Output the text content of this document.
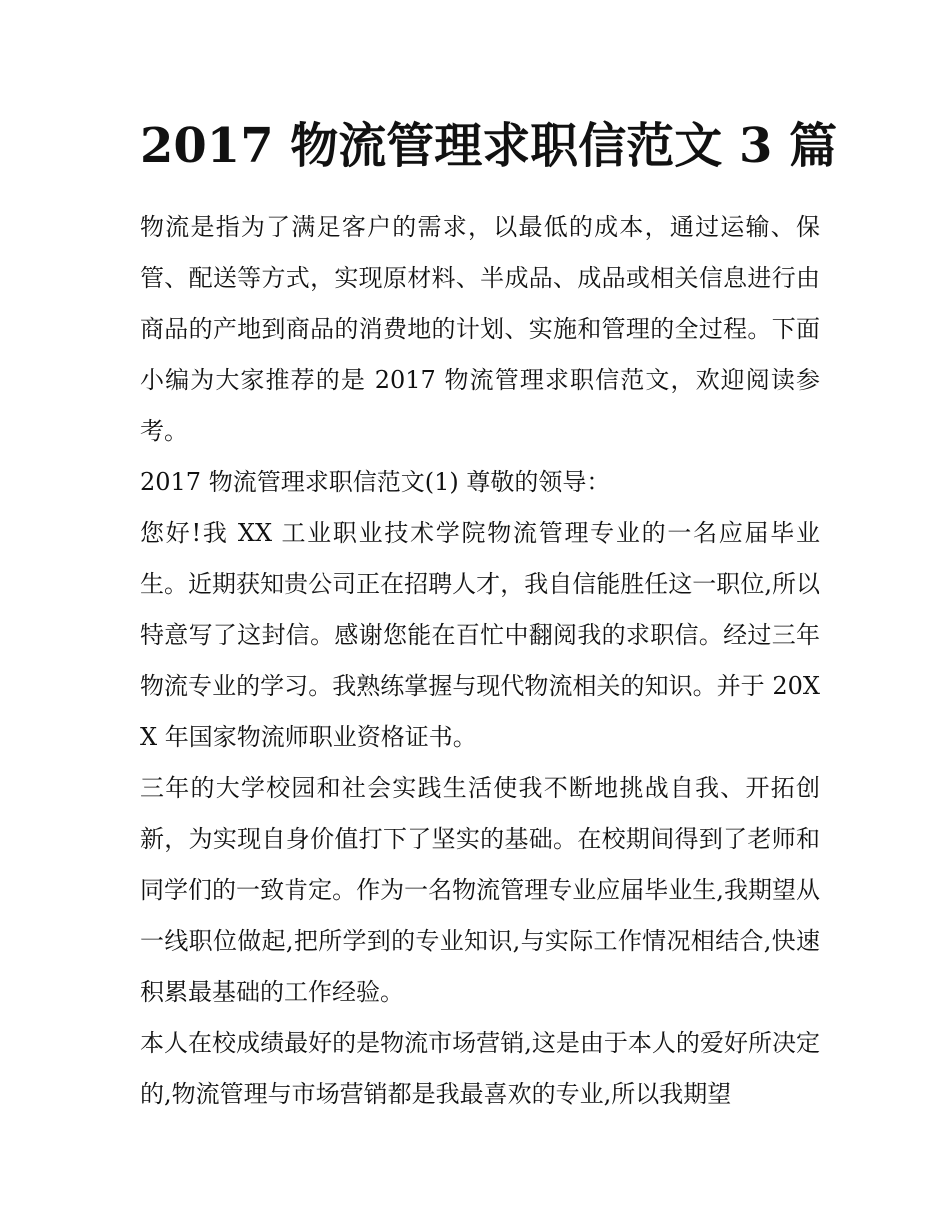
2017 物流管理求职信范文 3 篇

物流是指为了满足客户的需求，以最低的成本，通过运输、保管、配送等方式，实现原材料、半成品、成品或相关信息进行由商品的产地到商品的消费地的计划、实施和管理的全过程。下面小编为大家推荐的是 2017 物流管理求职信范文，欢迎阅读参考。

2017 物流管理求职信范文(1) 尊敬的领导：

您好!我 XX 工业职业技术学院物流管理专业的一名应届毕业生。近期获知贵公司正在招聘人才，我自信能胜任这一职位,所以特意写了这封信。感谢您能在百忙中翻阅我的求职信。经过三年物流专业的学习。我熟练掌握与现代物流相关的知识。并于 20XX 年国家物流师职业资格证书。

三年的大学校园和社会实践生活使我不断地挑战自我、开拓创新，为实现自身价值打下了坚实的基础。在校期间得到了老师和同学们的一致肯定。作为一名物流管理专业应届毕业生,我期望从一线职位做起,把所学到的专业知识,与实际工作情况相结合,快速积累最基础的工作经验。

本人在校成绩最好的是物流市场营销,这是由于本人的爱好所决定的,物流管理与市场营销都是我最喜欢的专业,所以我期望
